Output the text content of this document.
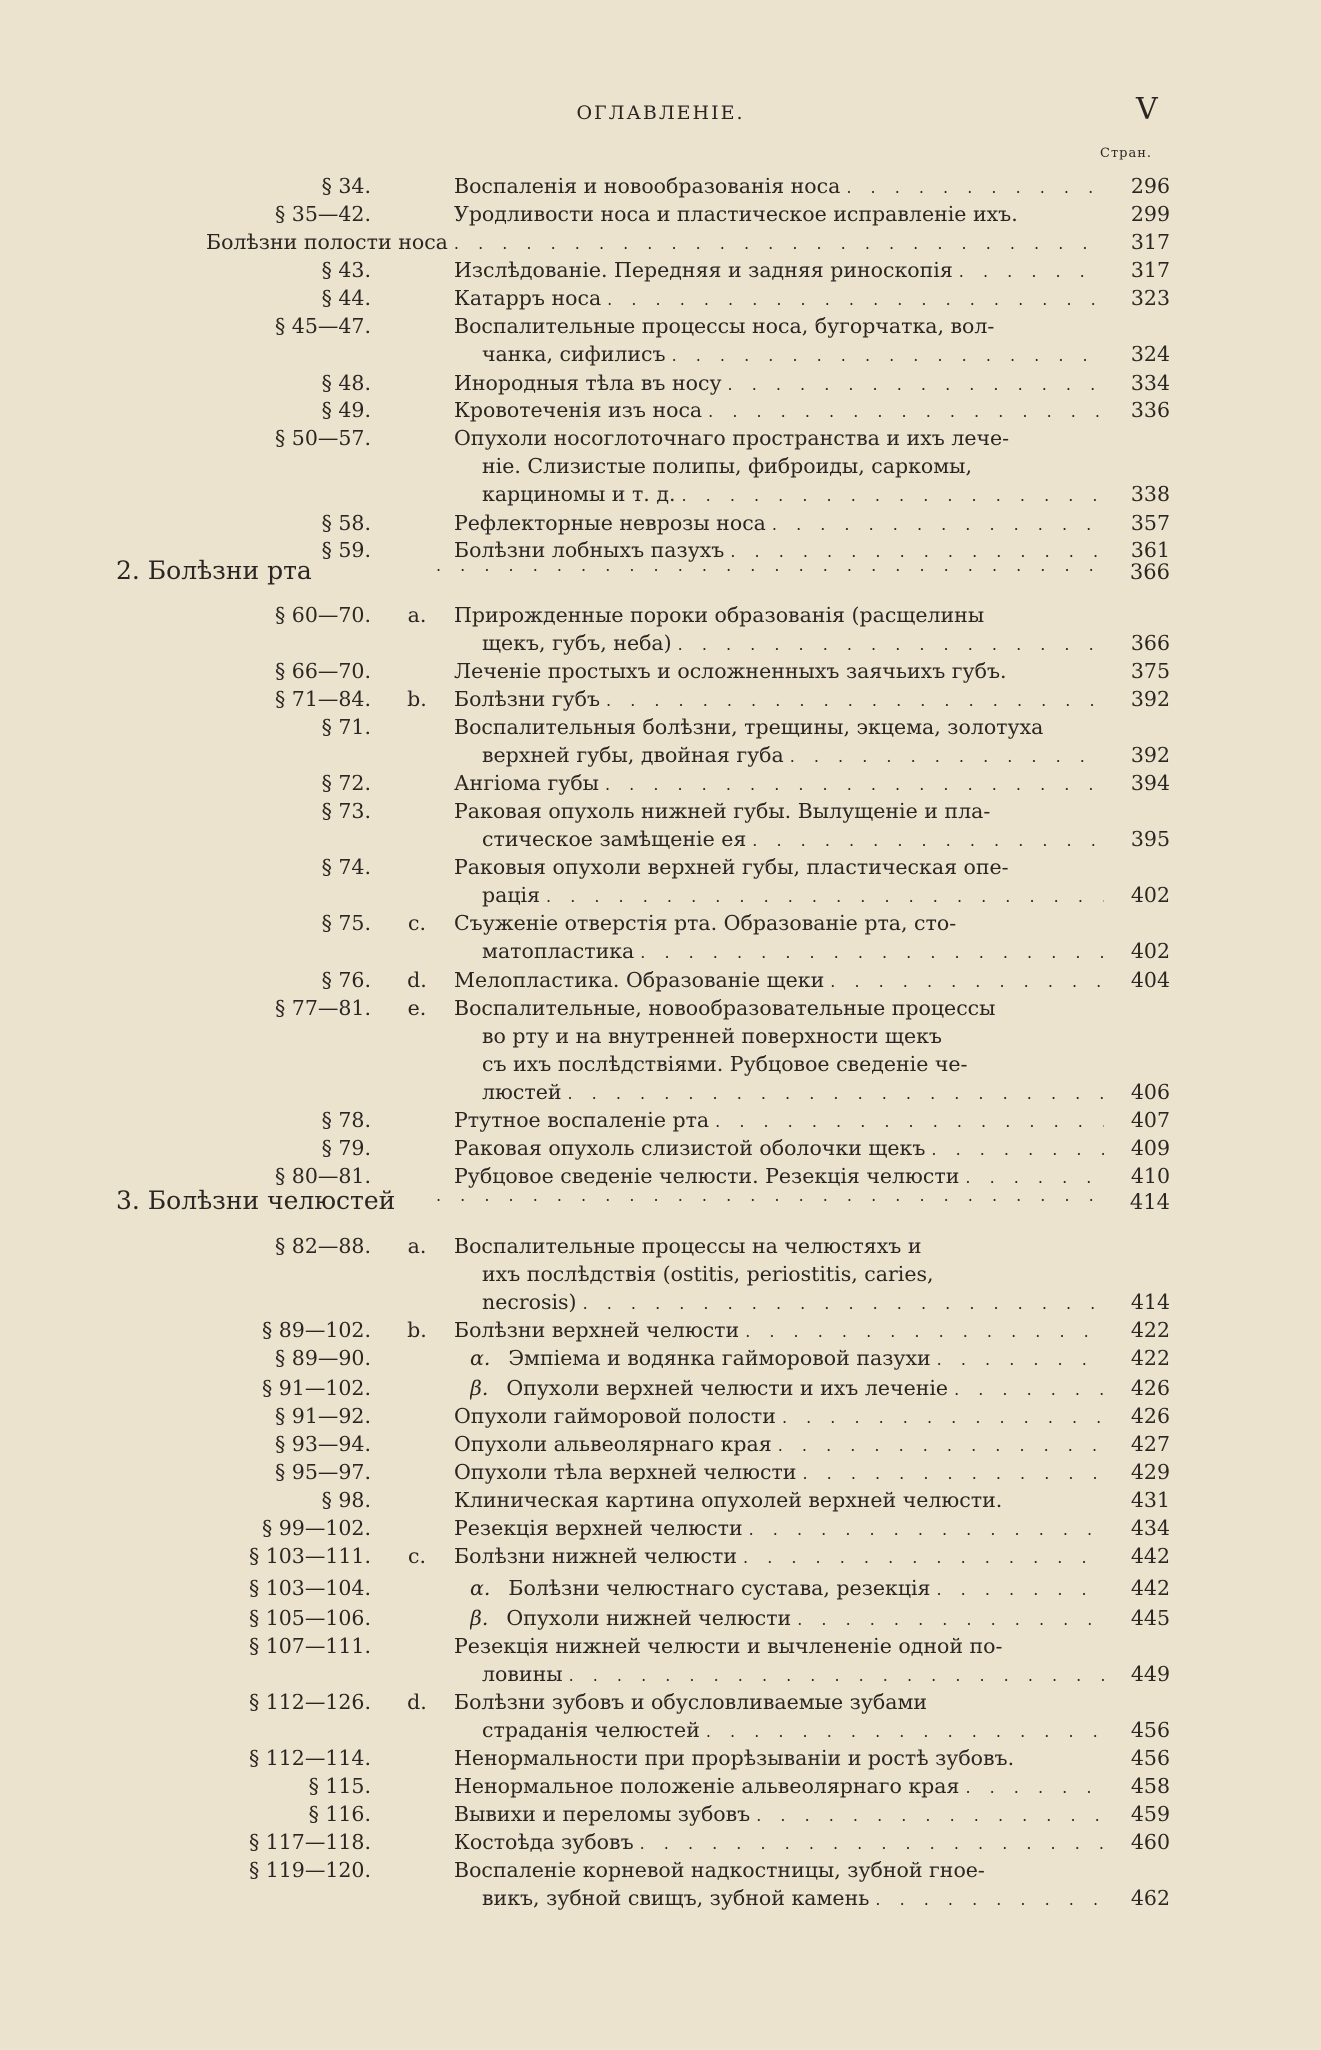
ОГЛАВЛЕНІЕ.	V
Стран.
§ 34.	Воспаленія и новообразованія носа . . .	296
§ 35—42.	Уродливости носа и пластическое исправленіе ихъ.	299
Болѣзни полости носа . . .	317
§ 43.	Изслѣдованіе. Передняя и задняя риноскопія . . .	317
§ 44.	Катарръ носа . . .	323
§ 45—47.	Воспалительные процессы носа, бугорчатка, вол-
чанка, сифилисъ . . .	324
§ 48.	Инородныя тѣла въ носу . . .	334
§ 49.	Кровотеченія изъ носа . . .	336
§ 50—57.	Опухоли носоглоточнаго пространства и ихъ лече-
ніе. Слизистые полипы, фиброиды, саркомы,
карциномы и т. д. . . .	338
§ 58.	Рефлекторные неврозы носа . . .	357
§ 59.	Болѣзни лобныхъ пазухъ . . .	361
2. Болѣзни рта . . .	366
§ 60—70. a. Прирожденные пороки образованія (расщелины
щекъ, губъ, неба) . . .	366
§ 66—70.	Леченіе простыхъ и осложненныхъ заячьихъ губъ.	375
§ 71—84. b. Болѣзни губъ . . .	392
§ 71.	Воспалительныя болѣзни, трещины, экцема, золотуха
верхней губы, двойная губа . . .	392
§ 72.	Ангіома губы . . .	394
§ 73.	Раковая опухоль нижней губы. Вылущеніе и пла-
стическое замѣщеніе ея . . .	395
§ 74.	Раковыя опухоли верхней губы, пластическая опе-
рація . . .	402
§ 75. c. Съуженіе отверстія рта. Образованіе рта, сто-
матопластика . . .	402
§ 76. d. Мелопластика. Образованіе щеки . . .	404
§ 77—81. e. Воспалительные, новообразовательные процессы
во рту и на внутренней поверхности щекъ
съ ихъ послѣдствіями. Рубцовое сведеніе че-
люстей . . .	406
§ 78.	Ртутное воспаленіе рта . . .	407
§ 79.	Раковая опухоль слизистой оболочки щекъ . . .	409
§ 80—81.	Рубцовое сведеніе челюсти. Резекція челюсти . . .	410
3. Болѣзни челюстей . . .	414
§ 82—88. a. Воспалительные процессы на челюстяхъ и
ихъ послѣдствія (ostitis, periostitis, caries,
necrosis) . . .	414
§ 89—102. b. Болѣзни верхней челюсти . . .	422
§ 89—90.	α. Эмпіема и водянка гайморовой пазухи . . .	422
§ 91—102.	β. Опухоли верхней челюсти и ихъ леченіе . . .	426
§ 91—92.	Опухоли гайморовой полости . . .	426
§ 93—94.	Опухоли альвеолярнаго края . . .	427
§ 95—97.	Опухоли тѣла верхней челюсти . . .	429
§ 98.	Клиническая картина опухолей верхней челюсти.	431
§ 99—102.	Резекція верхней челюсти . . .	434
§ 103—111. c. Болѣзни нижней челюсти . . .	442
§ 103—104.	α. Болѣзни челюстнаго сустава, резекція . . .	442
§ 105—106.	β. Опухоли нижней челюсти . . .	445
§ 107—111.	Резекція нижней челюсти и вычлененіе одной по-
ловины . . .	449
§ 112—126. d. Болѣзни зубовъ и обусловливаемые зубами
страданія челюстей . . .	456
§ 112—114.	Ненормальности при прорѣзываніи и ростѣ зубовъ.	456
§ 115.	Ненормальное положеніе альвеолярнаго края . . .	458
§ 116.	Вывихи и переломы зубовъ . . .	459
§ 117—118.	Костоѣда зубовъ . . .	460
§ 119—120.	Воспаленіе корневой надкостницы, зубной гное-
викъ, зубной свищъ, зубной камень . . .	462
